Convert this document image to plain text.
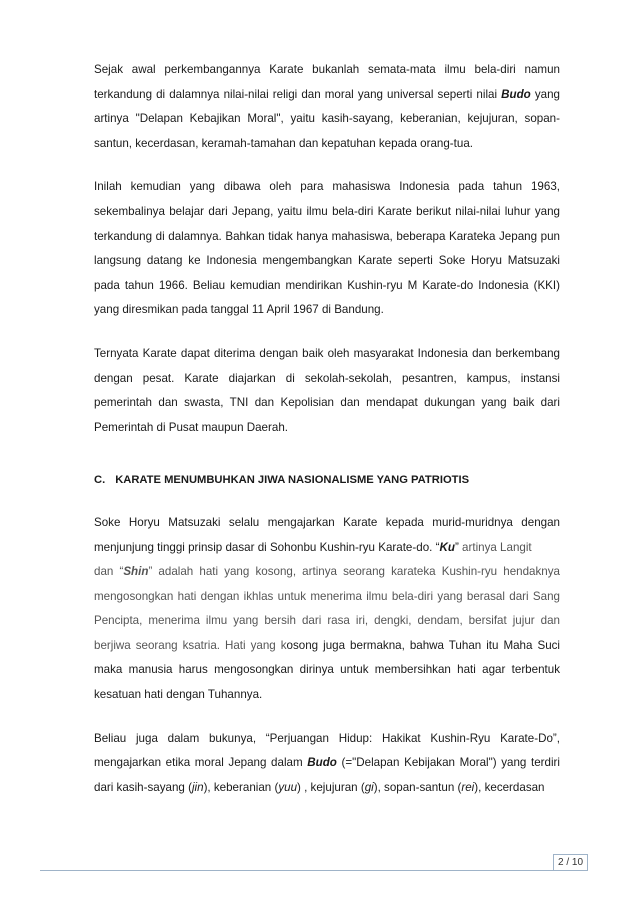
Sejak awal perkembangannya Karate bukanlah semata-mata ilmu bela-diri namun terkandung di dalamnya nilai-nilai religi dan moral yang universal seperti nilai Budo yang artinya "Delapan Kebajikan Moral", yaitu kasih-sayang, keberanian, kejujuran, sopan-santun, kecerdasan, keramah-tamahan dan kepatuhan kepada orang-tua.

Inilah kemudian yang dibawa oleh para mahasiswa Indonesia pada tahun 1963, sekembalinya belajar dari Jepang, yaitu ilmu bela-diri Karate berikut nilai-nilai luhur yang terkandung di dalamnya. Bahkan tidak hanya mahasiswa, beberapa Karateka Jepang pun langsung datang ke Indonesia mengembangkan Karate seperti Soke Horyu Matsuzaki pada tahun 1966. Beliau kemudian mendirikan Kushin-ryu M Karate-do Indonesia (KKI) yang diresmikan pada tanggal 11 April 1967 di Bandung.

Ternyata Karate dapat diterima dengan baik oleh masyarakat Indonesia dan berkembang dengan pesat. Karate diajarkan di sekolah-sekolah, pesantren, kampus, instansi pemerintah dan swasta, TNI dan Kepolisian dan mendapat dukungan yang baik dari Pemerintah di Pusat maupun Daerah.

C. KARATE MENUMBUHKAN JIWA NASIONALISME YANG PATRIOTIS

Soke Horyu Matsuzaki selalu mengajarkan Karate kepada murid-muridnya dengan menjunjung tinggi prinsip dasar di Sohonbu Kushin-ryu Karate-do. “Ku” artinya Langit

dan “Shin” adalah hati yang kosong, artinya seorang karateka Kushin-ryu hendaknya mengosongkan hati dengan ikhlas untuk menerima ilmu bela-diri yang berasal dari Sang Pencipta, menerima ilmu yang bersih dari rasa iri, dengki, dendam, bersifat jujur dan berjiwa seorang ksatria. Hati yang kosong juga bermakna, bahwa Tuhan itu Maha Suci maka manusia harus mengosongkan dirinya untuk membersihkan hati agar terbentuk kesatuan hati dengan Tuhannya.

Beliau juga dalam bukunya, “Perjuangan Hidup: Hakikat Kushin-Ryu Karate-Do”, mengajarkan etika moral Jepang dalam Budo (="Delapan Kebijakan Moral") yang terdiri dari kasih-sayang (jin), keberanian (yuu) , kejujuran (gi), sopan-santun (rei), kecerdasan

2 / 10
